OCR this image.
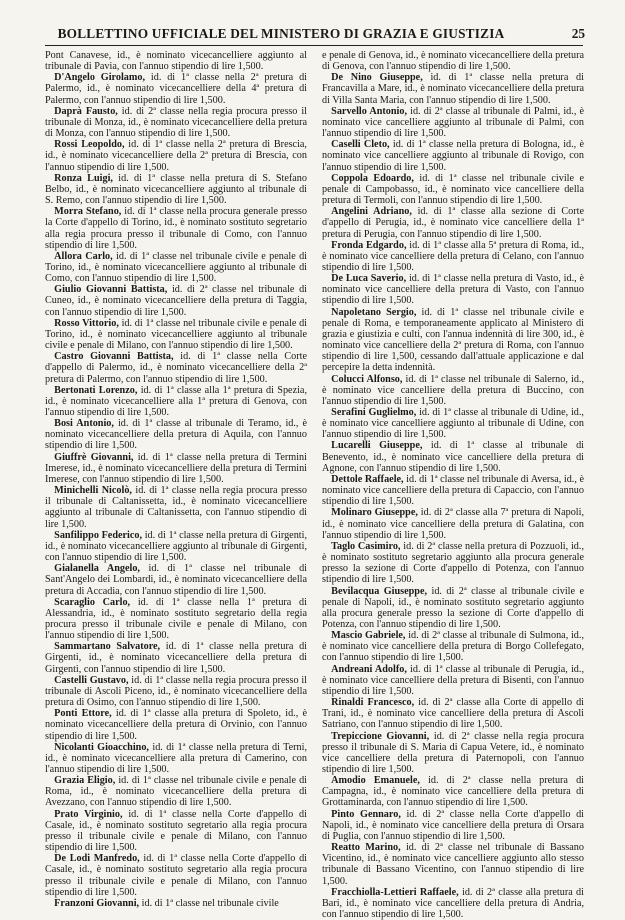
BOLLETTINO UFFICIALE DEL MINISTERO DI GRAZIA E GIUSTIZIA	25

Pont Canavese, id., è nominato vicecancelliere aggiunto al tribunale di Pavia, con l'annuo stipendio di lire 1,500.

D'Angelo Girolamo, id. di 1ª classe nella 2ª pretura di Palermo, id., è nominato vicecancelliere della 4ª pretura di Palermo, con l'annuo stipendio di lire 1,500.

Daprà Fausto, id. di 2ª classe nella regia procura presso il tribunale di Monza, id., è nominato vicecancelliere della pretura di Monza, con l'annuo stipendio di lire 1,500.

Rossi Leopoldo, id. di 1ª classe nella 2ª pretura di Brescia, id., è nominato vicecancelliere della 2ª pretura di Brescia, con l'annuo stipendio di lire 1,500.

Ronza Luigi, id. di 1ª classe nella pretura di S. Stefano Belbo, id., è nominato vicecancelliere aggiunto al tribunale di S. Remo, con l'annuo stipendio di lire 1,500.

Morra Stefano, id. di 1ª classe nella procura generale presso la Corte d'appello di Torino, id., è nominato sostituto segretario alla regia procura presso il tribunale di Como, con l'annuo stipendio di lire 1,500.

Allora Carlo, id. di 1ª classe nel tribunale civile e penale di Torino, id., è nominato vicecancelliere aggiunto al tribunale di Como, con l'annuo stipendio di lire 1,500.

Giulio Giovanni Battista, id. di 2ª classe nel tribunale di Cuneo, id., è nominato vicecancelliere della pretura di Taggia, con l'annuo stipendio di lire 1,500.

Rosso Vittorio, id. di 1ª classe nel tribunale civile e penale di Torino, id., è nominato vicecancelliere aggiunto al tribunale civile e penale di Milano, con l'annuo stipendio di lire 1,500.

Castro Giovanni Battista, id. di 1ª classe nella Corte d'appello di Palermo, id., è nominato vicecancelliere della 2ª pretura di Palermo, con l'annuo stipendio di lire 1,500.

Bertonati Lorenzo, id. di 1ª classe alla 1ª pretura di Spezia, id., è nominato vicecancelliere alla 1ª pretura di Genova, con l'annuo stipendio di lire 1,500.

Bosi Antonio, id. di 1ª classe al tribunale di Teramo, id., è nominato vicecancelliere della pretura di Aquila, con l'annuo stipendio di lire 1,500.

Giuffrè Giovanni, id. di 1ª classe nella pretura di Termini Imerese, id., è nominato vicecancelliere della pretura di Termini Imerese, con l'annuo stipendio di lire 1,500.

Minichelli Nicolò, id. di 1ª classe nella regia procura presso il tribunale di Caltanissetta, id., è nominato vicecancelliere aggiunto al tribunale di Caltanissetta, con l'annuo stipendio di lire 1,500.

Sanfilippo Federico, id. di 1ª classe nella pretura di Girgenti, id., è nominato vicecancelliere aggiunto al tribunale di Girgenti, con l'annuo stipendio di lire 1,500.

Gialanella Angelo, id. di 1ª classe nel tribunale di Sant'Angelo dei Lombardi, id., è nominato vicecancelliere della pretura di Accadia, con l'annuo stipendio di lire 1,500.

Scaraglio Carlo, id. di 1ª classe nella 1ª pretura di Alessandria, id., è nominato sostituto segretario della regia procura presso il tribunale civile e penale di Milano, con l'annuo stipendio di lire 1,500.

Sammartano Salvatore, id. di 1ª classe nella pretura di Girgenti, id., è nominato vicecancelliere della pretura di Girgenti, con l'annuo stipendio di lire 1,500.

Castelli Gustavo, id. di 1ª classe nella regia procura presso il tribunale di Ascoli Piceno, id., è nominato vicecancelliere della pretura di Osimo, con l'annuo stipendio di lire 1,500.

Ponti Ettore, id. di 1ª classe alla pretura di Spoleto, id., è nominato vicecancelliere della pretura di Orvinio, con l'annuo stipendio di lire 1,500.

Nicolanti Gioacchino, id. di 1ª classe nella pretura di Terni, id., è nominato vicecancelliere alla pretura di Camerino, con l'annuo stipendio di lire 1,500.

Grazia Eligio, id. di 1ª classe nel tribunale civile e penale di Roma, id., è nominato vicecancelliere della pretura di Avezzano, con l'annuo stipendio di lire 1,500.

Prato Virginio, id. di 1ª classe nella Corte d'appello di Casale, id., è nominato sostituto segretario alla regia procura presso il tribunale civile e penale di Milano, con l'annuo stipendio di lire 1,500.

De Lodi Manfredo, id. di 1ª classe nella Corte d'appello di Casale, id., è nominato sostituto segretario alla regia procura presso il tribunale civile e penale di Milano, con l'annuo stipendio di lire 1,500.

Franzoni Giovanni, id. di 1ª classe nel tribunale civile

e penale di Genova, id., è nominato vicecancelliere della pretura di Genova, con l'annuo stipendio di lire 1,500.

De Nino Giuseppe, id. di 1ª classe nella pretura di Francavilla a Mare, id., è nominato vicecancelliere della pretura di Villa Santa Maria, con l'annuo stipendio di lire 1,500.

Sarvello Antonio, id. di 2ª classe al tribunale di Palmi, id., è nominato vice cancelliere aggiunto al tribunale di Palmi, con l'annuo stipendio di lire 1,500.

Caselli Cleto, id. di 1ª classe nella pretura di Bologna, id., è nominato vice cancelliere aggiunto al tribunale di Rovigo, con l'annuo stipendio di lire 1,500.

Coppola Edoardo, id. di 1ª classe nel tribunale civile e penale di Campobasso, id., è nominato vice cancelliere della pretura di Termoli, con l'annuo stipendio di lire 1,500.

Angelini Adriano, id. di 1ª classe alla sezione di Corte d'appello di Perugia, id., è nominato vice cancelliere della 1ª pretura di Perugia, con l'annuo stipendio di lire 1,500.

Fronda Edgardo, id. di 1ª classe alla 5ª pretura di Roma, id., è nominato vice cancelliere della pretura di Celano, con l'annuo stipendio di lire 1,500.

De Luca Saverio, id. di 1ª classe nella pretura di Vasto, id., è nominato vice cancelliere della pretura di Vasto, con l'annuo stipendio di lire 1,500.

Napoletano Sergio, id. di 1ª classe nel tribunale civile e penale di Roma, e temporaneamente applicato al Ministero di grazia e giustizia e culti, con l'annua indennità di lire 300, id., è nominato vice cancelliere della 2ª pretura di Roma, con l'annuo stipendio di lire 1,500, cessando dall'attuale applicazione e dal percepire la detta indennità.

Colucci Alfonso, id. di 1ª classe nel tribunale di Salerno, id., è nominato vice cancelliere della pretura di Buccino, con l'annuo stipendio di lire 1,500.

Serafini Guglielmo, id. di 1ª classe al tribunale di Udine, id., è nominato vice cancelliere aggiunto al tribunale di Udine, con l'annuo stipendio di lire 1,500.

Lucarelli Giuseppe, id. di 1ª classe al tribunale di Benevento, id., è nominato vice cancelliere della pretura di Agnone, con l'annuo stipendio di lire 1,500.

Dettole Raffaele, id. di 1ª classe nel tribunale di Aversa, id., è nominato vice cancelliere della pretura di Capaccio, con l'annuo stipendio di lire 1,500.

Molinaro Giuseppe, id. di 2ª classe alla 7ª pretura di Napoli, id., è nominato vice cancelliere della pretura di Galatina, con l'annuo stipendio di lire 1,500.

Taglo Casimiro, id. di 2ª classe nella pretura di Pozzuoli, id., è nominato sostituto segretario aggiunto alla procura generale presso la sezione di Corte d'appello di Potenza, con l'annuo stipendio di lire 1,500.

Bevilacqua Giuseppe, id. di 2ª classe al tribunale civile e penale di Napoli, id., è nominato sostituto segretario aggiunto alla procura generale presso la sezione di Corte d'appello di Potenza, con l'annuo stipendio di lire 1,500.

Mascio Gabriele, id. di 2ª classe al tribunale di Sulmona, id., è nominato vice cancelliere della pretura di Borgo Collefegato, con l'annuo stipendio di lire 1,500.

Andreani Adolfo, id. di 1ª classe al tribunale di Perugia, id., è nominato vice cancelliere della pretura di Bisenti, con l'annuo stipendio di lire 1,500.

Rinaldi Francesco, id. di 2ª classe alla Corte di appello di Trani, id., è nominato vice cancelliere della pretura di Ascoli Satriano, con l'annuo stipendio di lire 1,500.

Trepiccione Giovanni, id. di 2ª classe nella regia procura presso il tribunale di S. Maria di Capua Vetere, id., è nominato vice cancelliere della pretura di Paternopoli, con l'annuo stipendio di lire 1,500.

Amodio Emanuele, id. di 2ª classe nella pretura di Campagna, id., è nominato vice cancelliere della pretura di Grottaminarda, con l'annuo stipendio di lire 1,500.

Pinto Gennaro, id. di 2ª classe nella Corte d'appello di Napoli, id., è nominato vice cancelliere della pretura di Orsara di Puglia, con l'annuo stipendio di lire 1,500.

Reatto Marino, id. di 2ª classe nel tribunale di Bassano Vicentino, id., è nominato vice cancelliere aggiunto allo stesso tribunale di Bassano Vicentino, con l'annuo stipendio di lire 1,500.

Fracchiolla-Lettieri Raffaele, id. di 2ª classe alla pretura di Bari, id., è nominato vice cancelliere della pretura di Andria, con l'annuo stipendio di lire 1,500.
